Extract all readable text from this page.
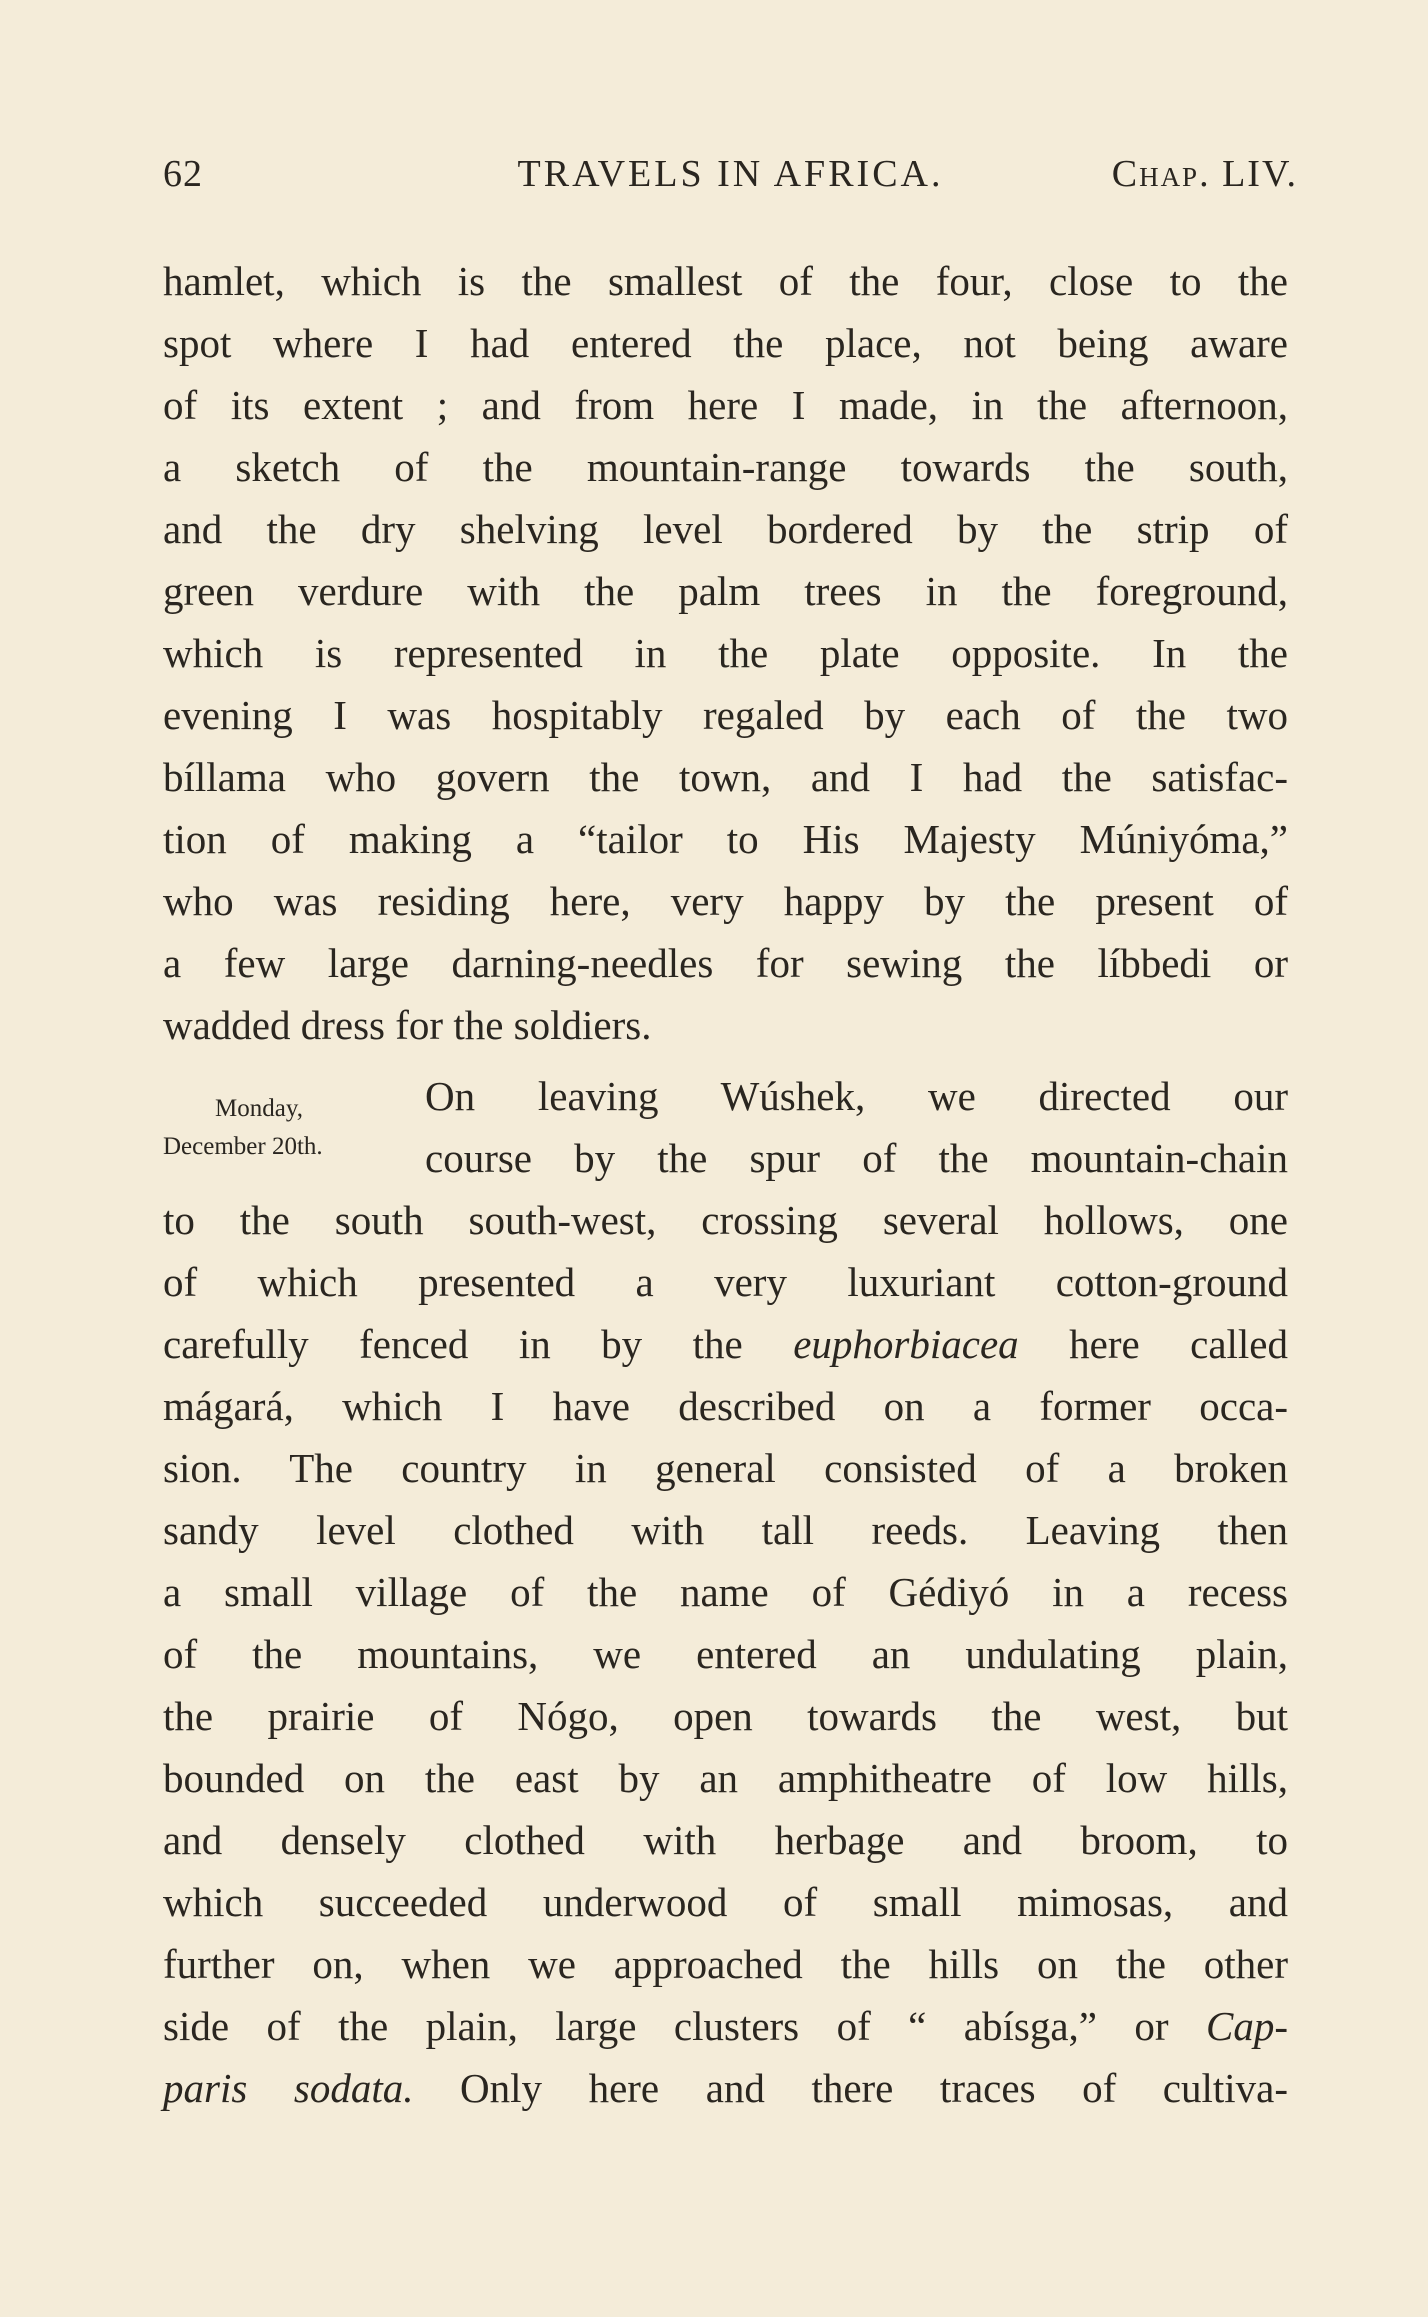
62	TRAVELS IN AFRICA.	Chap. LIV.
hamlet, which is the smallest of the four, close to the
spot where I had entered the place, not being aware
of its extent ; and from here I made, in the afternoon,
a sketch of the mountain-range towards the south,
and the dry shelving level bordered by the strip of
green verdure with the palm trees in the foreground,
which is represented in the plate opposite. In the
evening I was hospitably regaled by each of the two
bíllama who govern the town, and I had the satisfac-
tion of making a “tailor to His Majesty Múniyóma,”
who was residing here, very happy by the present of
a few large darning-needles for sewing the líbbedi or
wadded dress for the soldiers.
Monday,
December 20th.
On leaving Wúshek, we directed our
course by the spur of the mountain-chain
to the south south-west, crossing several hollows, one
of which presented a very luxuriant cotton-ground
carefully fenced in by the euphorbiacea here called
mágará, which I have described on a former occa-
sion. The country in general consisted of a broken
sandy level clothed with tall reeds. Leaving then
a small village of the name of Gédiyó in a recess
of the mountains, we entered an undulating plain,
the prairie of Nógo, open towards the west, but
bounded on the east by an amphitheatre of low hills,
and densely clothed with herbage and broom, to
which succeeded underwood of small mimosas, and
further on, when we approached the hills on the other
side of the plain, large clusters of “ abísga,” or Cap-
paris sodata. Only here and there traces of cultiva-
